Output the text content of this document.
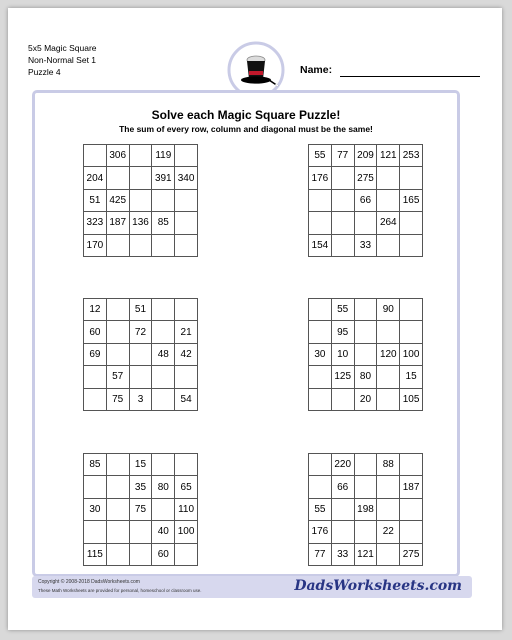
5x5 Magic Square
Non-Normal Set 1
Puzzle 4	Name:
Solve each Magic Square Puzzle!
The sum of every row, column and diagonal must be the same!
	306		119	
204			391	340
51	425			
323	187	136	85	
170				
55	77	209	121	253
176		275		
		66		165
			264	
154		33		
12		51		
60		72		21
69			48	42
	57			
	75	3		54
	55		90	
	95			
30	10		120	100
	125	80		15
		20		105
85		15		
		35	80	65
30		75		110
			40	100
115			60	
	220		88	
	66			187
55		198		
176			22	
77	33	121		275
Copyright © 2008-2018 DadsWorksheets.com
These Math Worksheets are provided for personal, homeschool or classroom use.	DadsWorksheets.com
